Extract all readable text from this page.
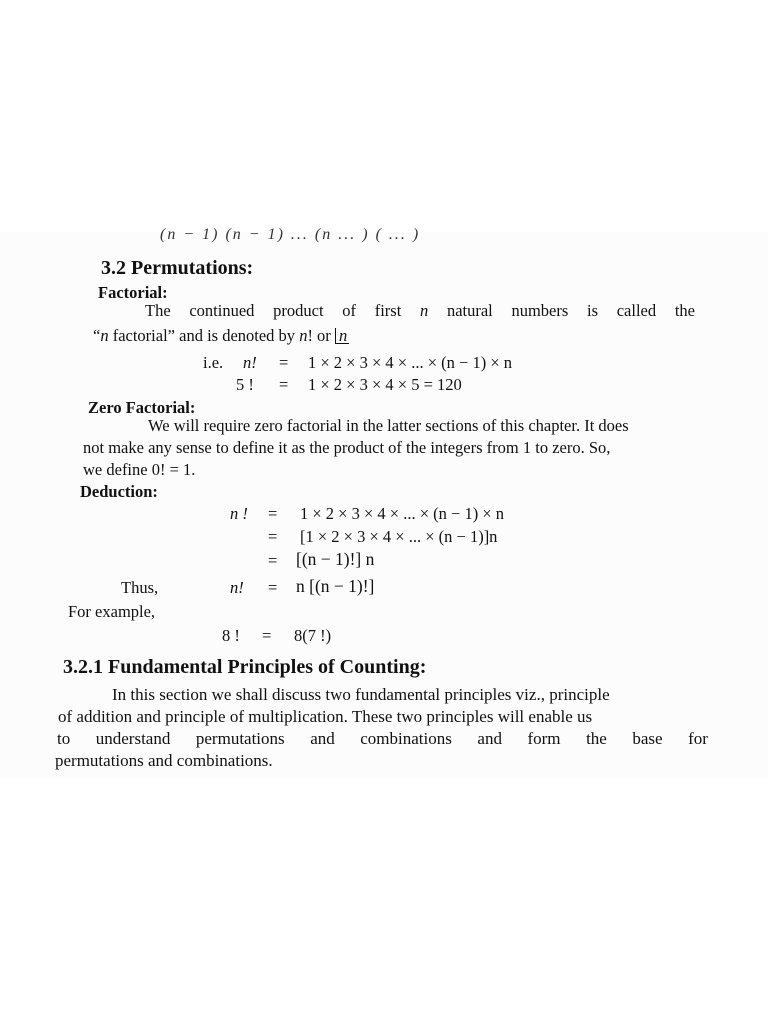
(n − 1) (n − 1) ... (n ... ) ( ... )
3.2 Permutations:
Factorial:
The continued product of first n natural numbers is called the
“n factorial” and is denoted by n! or n
i.e. n! = 1 × 2 × 3 × 4 × ... × (n − 1) × n
5 ! = 1 × 2 × 3 × 4 × 5 = 120
Zero Factorial:
We will require zero factorial in the latter sections of this chapter. It does
not make any sense to define it as the product of the integers from 1 to zero. So,
we define 0! = 1.
Deduction:
n ! = 1 × 2 × 3 × 4 × ... × (n − 1) × n
= [1 × 2 × 3 × 4 × ... × (n − 1)]n
= [(n − 1)!] n
Thus,	n! = n [(n − 1)!]
For example,
8 ! = 8(7 !)
3.2.1 Fundamental Principles of Counting:
In this section we shall discuss two fundamental principles viz., principle
of addition and principle of multiplication. These two principles will enable us
to understand permutations and combinations and form the base for
permutations and combinations.
